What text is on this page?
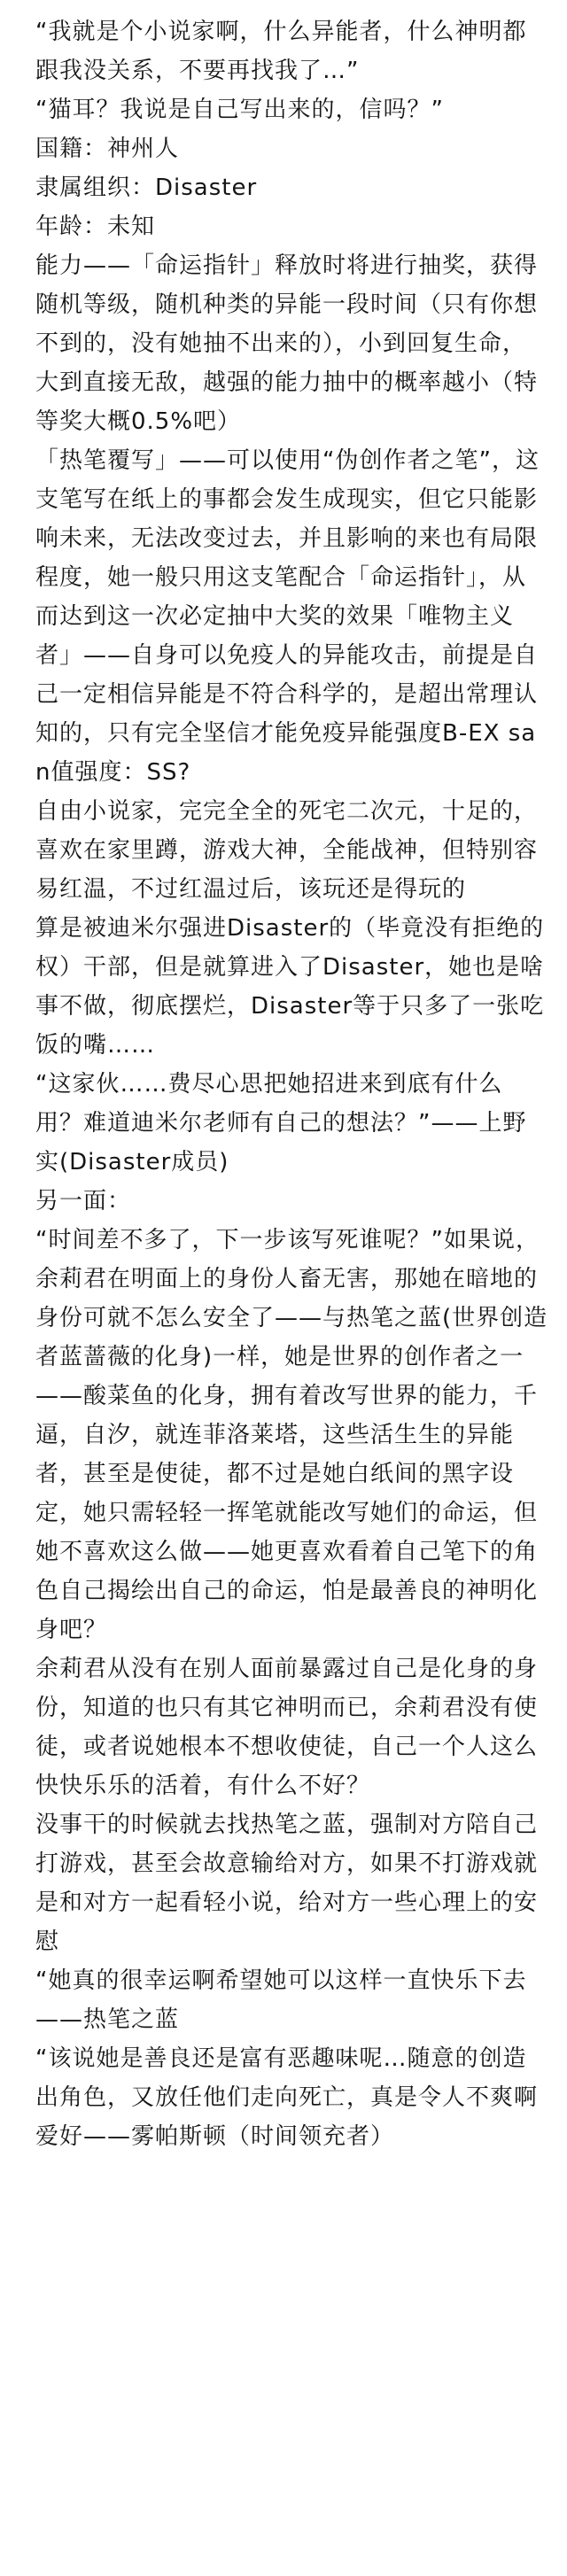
“我就是个小说家啊，什么异能者，什么神明都跟我没关系，不要再找我了…”

“猫耳？我说是自己写出来的，信吗？”

国籍：神州人

隶属组织：Disaster

年龄：未知

能力——「命运指针」释放时将进行抽奖，获得随机等级，随机种类的异能一段时间（只有你想不到的，没有她抽不出来的），小到回复生命，大到直接无敌，越强的能力抽中的概率越小（特等奖大概0.5%吧）

「热笔覆写」——可以使用“伪创作者之笔”，这支笔写在纸上的事都会发生成现实，但它只能影响未来，无法改变过去，并且影响的来也有局限程度，她一般只用这支笔配合「命运指针」，从而达到这一次必定抽中大奖的效果「唯物主义者」——自身可以免疫人的异能攻击，前提是自己一定相信异能是不符合科学的，是超出常理认知的，只有完全坚信才能免疫异能强度B-EX san值强度：SS?

自由小说家，完完全全的死宅二次元，十足的，喜欢在家里蹲，游戏大神，全能战神，但特别容易红温，不过红温过后，该玩还是得玩的

算是被迪米尔强进Disaster的（毕竟没有拒绝的权）干部，但是就算进入了Disaster，她也是啥事不做，彻底摆烂，Disaster等于只多了一张吃饭的嘴……

“这家伙……费尽心思把她招进来到底有什么用？难道迪米尔老师有自己的想法？”——上野实(Disaster成员)

另一面：

“时间差不多了，下一步该写死谁呢？”如果说，余莉君在明面上的身份人畜无害，那她在暗地的身份可就不怎么安全了——与热笔之蓝(世界创造者蓝蔷薇的化身)一样，她是世界的创作者之一——酸菜鱼的化身，拥有着改写世界的能力，千逼，自汐，就连菲洛莱塔，这些活生生的异能者，甚至是使徒，都不过是她白纸间的黑字设定，她只需轻轻一挥笔就能改写她们的命运，但她不喜欢这么做——她更喜欢看着自己笔下的角色自己揭绘出自己的命运，怕是最善良的神明化身吧？

余莉君从没有在别人面前暴露过自己是化身的身份，知道的也只有其它神明而已，余莉君没有使徒，或者说她根本不想收使徒，自己一个人这么快快乐乐的活着，有什么不好？

没事干的时候就去找热笔之蓝，强制对方陪自己打游戏，甚至会故意输给对方，如果不打游戏就是和对方一起看轻小说，给对方一些心理上的安慰

“她真的很幸运啊希望她可以这样一直快乐下去——热笔之蓝

“该说她是善良还是富有恶趣味呢…随意的创造出角色，又放任他们走向死亡，真是令人不爽啊爱好——雾帕斯顿（时间领充者）
